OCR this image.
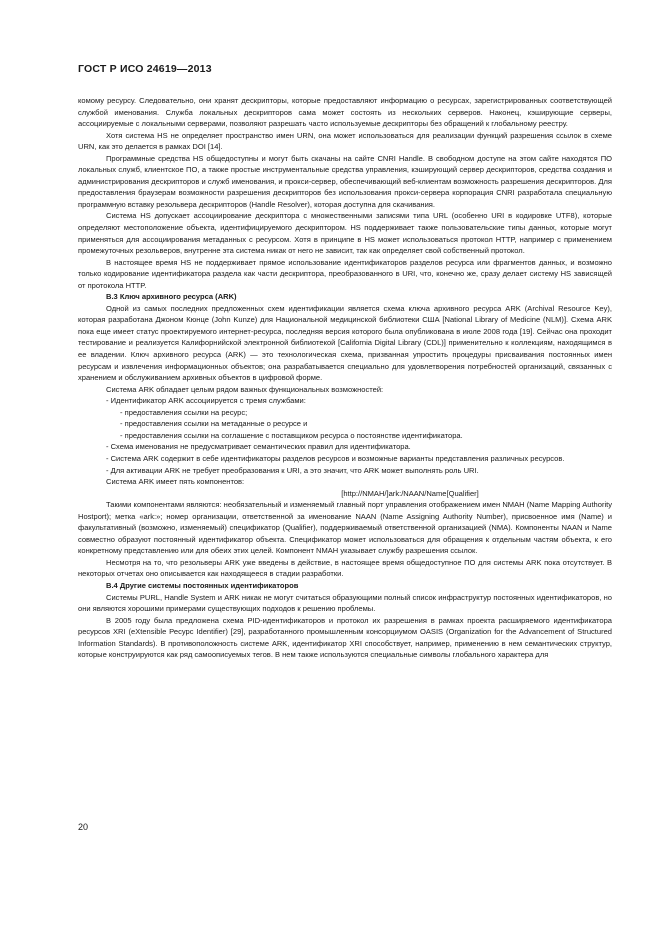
ГОСТ Р ИСО 24619—2013

комому ресурсу. Следовательно, они хранят дескрипторы, которые предоставляют информацию о ресурсах, зарегистрированных соответствующей службой именования. Служба локальных дескрипторов сама может состоять из нескольких серверов. Наконец, кэширующие серверы, ассоциируемые с локальными серверами, позволяют разрешать часто используемые дескрипторы без обращений к глобальному реестру.

Хотя система HS не определяет пространство имен URN, она может использоваться для реализации функций разрешения ссылок в схеме URN, как это делается в рамках DOI [14].

Программные средства HS общедоступны и могут быть скачаны на сайте CNRI Handle. В свободном доступе на этом сайте находятся ПО локальных служб, клиентское ПО, а также простые инструментальные средства управления, кэширующий сервер дескрипторов, средства создания и администрирования дескрипторов и служб именования, и прокси-сервер, обеспечивающий веб-клиентам возможность разрешения дескрипторов. Для предоставления браузерам возможности разрешения дескрипторов без использования прокси-сервера корпорация CNRI разработала специальную программную вставку резольвера дескрипторов (Handle Resolver), которая доступна для скачивания.

Система HS допускает ассоциирование дескриптора с множественными записями типа URL (особенно URI в кодировке UTF8), которые определяют местоположение объекта, идентифицируемого дескриптором. HS поддерживает также пользовательские типы данных, которые могут применяться для ассоциирования метаданных с ресурсом. Хотя в принципе в HS может использоваться протокол HTTP, например с применением промежуточных резольверов, внутренне эта система никак от него не зависит, так как определяет свой собственный протокол.

В настоящее время HS не поддерживает прямое использование идентификаторов разделов ресурса или фрагментов данных, и возможно только кодирование идентификатора раздела как части дескриптора, преобразованного в URI, что, конечно же, сразу делает систему HS зависящей от протокола HTTP.

B.3 Ключ архивного ресурса (ARK)

Одной из самых последних предложенных схем идентификации является схема ключа архивного ресурса ARK (Archival Resource Key), которая разработана Джоном Кюнце (John Kunze) для Национальной медицинской библиотеки США [National Library of Medicine (NLM)]. Схема ARK пока еще имеет статус проектируемого интернет-ресурса, последняя версия которого была опубликована в июле 2008 года [19]. Сейчас она проходит тестирование и реализуется Калифорнийской электронной библиотекой [California Digital Library (CDL)] применительно к коллекциям, находящимся в ее владении. Ключ архивного ресурса (ARK) — это технологическая схема, призванная упростить процедуры присваивания постоянных имен ресурсам и извлечения информационных объектов; она разрабатывается специально для удовлетворения потребностей организаций, связанных с хранением и обслуживанием архивных объектов в цифровой форме.

Система ARK обладает целым рядом важных функциональных возможностей:

- Идентификатор ARK ассоциируется с тремя службами:

- предоставления ссылки на ресурс;

- предоставления ссылки на метаданные о ресурсе и

- предоставления ссылки на соглашение с поставщиком ресурса о постоянстве идентификатора.

- Схема именования не предусматривает семантических правил для идентификатора.

- Система ARK содержит в себе идентификаторы разделов ресурсов и возможные варианты представления различных ресурсов.

- Для активации ARK не требует преобразования к URI, а это значит, что ARK может выполнять роль URI.

Система ARK имеет пять компонентов:

[http://NMAH/]ark:/NAAN/Name[Qualifier]

Такими компонентами являются: необязательный и изменяемый главный порт управления отображением имен NMAH (Name Mapping Authority Hostport); метка «ark:»; номер организации, ответственной за именование NAAN (Name Assigning Authority Number), присвоенное имя (Name) и факультативный (возможно, изменяемый) спецификатор (Qualifier), поддерживаемый ответственной организацией (NMA). Компоненты NAAN и Name совместно образуют постоянный идентификатор объекта. Спецификатор может использоваться для обращения к отдельным частям объекта, к его конкретному представлению или для обеих этих целей. Компонент NMAH указывает службу разрешения ссылок.

Несмотря на то, что резольверы ARK уже введены в действие, в настоящее время общедоступное ПО для системы ARK пока отсутствует. В некоторых отчетах оно описывается как находящееся в стадии разработки.

B.4 Другие системы постоянных идентификаторов

Системы PURL, Handle System и ARK никак не могут считаться образующими полный список инфраструктур постоянных идентификаторов, но они являются хорошими примерами существующих подходов к решению проблемы.

В 2005 году была предложена схема PID-идентификаторов и протокол их разрешения в рамках проекта расширяемого идентификатора ресурсов XRI (eXtensible Ресурс Identifier) [29], разработанного промышленным консорциумом OASIS (Organization for the Advancement of Structured Information Standards). В противоположность системе ARK, идентификатор XRI способствует, например, применению в нем семантических структур, которые конструируются как ряд самоописуемых тегов. В нем также используются специальные символы глобального характера для

20
